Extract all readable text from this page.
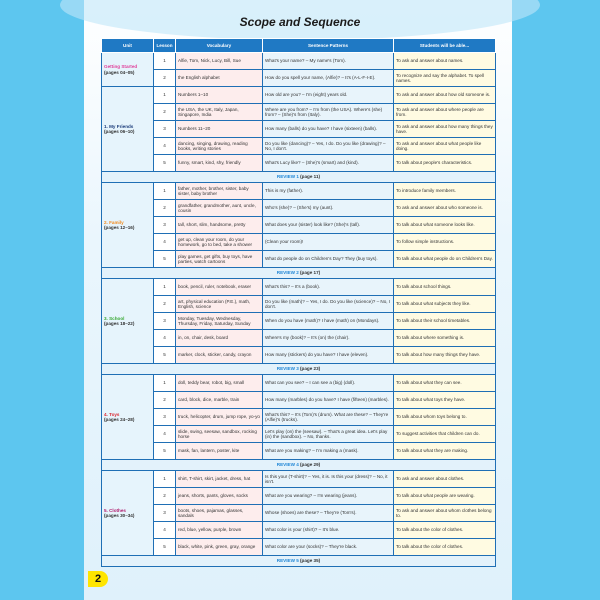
Scope and Sequence
Unit	Lesson	Vocabulary	Sentence Patterns	Students will be able...

Getting Started
(pages 04–05)	1	Alfie, Tom, Nick, Lucy, Bill, Sue	What's your name? – My name's (Tom).	To ask and answer about names.
	2	the English alphabet	How do you spell your name, (Alfie)? – It's (A-L-F-I-E).	To recognize and say the alphabet. To spell names.

1. My Friends
(pages 06–10)	1	Numbers 1–10	How old are you? – I'm (eight) years old.	To ask and answer about how old someone is.
	2	the USA, the UK, Italy, Japan, Singapore, India	Where are you from? – I'm from (the USA). Where's (she) from? – (She)'s from (Italy).	To ask and answer about where people are from.
	3	Numbers 11–20	How many (balls) do you have? I have (sixteen) (balls).	To ask and answer about how many things they have.
	4	dancing, singing, drawing, reading books, writing stories	Do you like (dancing)? – Yes, I do. Do you like (drawing)? – No, I don't.	To ask and answer about what people like doing.
	5	funny, smart, kind, shy, friendly	What's Lucy like? – (She)'s (smart) and (kind).	To talk about people's characteristics.
REVIEW 1 (page 11)				

2. Family
(pages 12–16)	1	father, mother, brother, sister, baby sister, baby brother	This is my (father).	To introduce family members.
	2	grandfather, grandmother, aunt, uncle, cousin	Who's (she)? – (She's) my (aunt).	To ask and answer about who someone is.
	3	tall, short, slim, handsome, pretty	What does your (sister) look like? (She)'s (tall).	To talk about what someone looks like.
	4	get up, clean your room, do your homework, go to bed, take a shower	(Clean your room)!	To follow simple instructions.
	5	play games, get gifts, buy toys, have parties, watch cartoons	What do people do on Children's Day? They (buy toys).	To talk about what people do on Children's Day.
REVIEW 2 (page 17)				

3. School
(pages 18–22)	1	book, pencil, ruler, notebook, eraser	What's this? – It's a (book).	To talk about school things.
	2	art, physical education (P.E.), math, English, science	Do you like (math)? – Yes, I do. Do you like (science)? – No, I don't.	To talk about what subjects they like.
	3	Monday, Tuesday, Wednesday, Thursday, Friday, Saturday, Sunday	When do you have (math)? I have (math) on (Mondays).	To talk about their school timetables.
	4	in, on, chair, desk, board	Where's my (book)? – It's (on) the (chair).	To talk about where something is.
	5	marker, clock, sticker, candy, crayon	How many (stickers) do you have? I have (eleven).	To talk about how many things they have.
REVIEW 3 (page 23)				

4. Toys
(pages 24–28)	1	doll, teddy bear, robot, big, small	What can you see? – I can see a (big) (doll).	To talk about what they can see.
	2	card, block, dice, marble, train	How many (marbles) do you have? I have (fifteen) (marbles).	To talk about what toys they have.
	3	truck, helicopter, drum, jump rope, yo-yo	What's this? – It's (Tom)'s (drum). What are these? – They're (Alfie)'s (trucks).	To talk about whom toys belong to.
	4	slide, swing, seesaw, sandbox, rocking horse	Let's play (on) the (seesaw). – That's a great idea. Let's play (in) the (sandbox). – No, thanks.	To suggest activities that children can do.
	5	mask, fan, lantern, poster, kite	What are you making? – I'm making a (mask).	To talk about what they are making.
REVIEW 4 (page 29)				

5. Clothes
(pages 30–34)	1	shirt, T-shirt, skirt, jacket, dress, hat	Is this your (T-shirt)? – Yes, it is. Is this your (dress)? – No, it isn't.	To ask and answer about clothes.
	2	jeans, shorts, pants, gloves, socks	What are you wearing? – I'm wearing (jeans).	To talk about what people are wearing.
	3	boots, shoes, pajamas, glasses, sandals	Whose (shoes) are these? – They're (Tom's).	To ask and answer about whom clothes belong to.
	4	red, blue, yellow, purple, brown	What color is your (shirt)? – It's blue.	To talk about the color of clothes.
	5	black, white, pink, green, gray, orange	What color are your (socks)? – They're black.	To talk about the color of clothes.
REVIEW 5 (page 35)				
2
